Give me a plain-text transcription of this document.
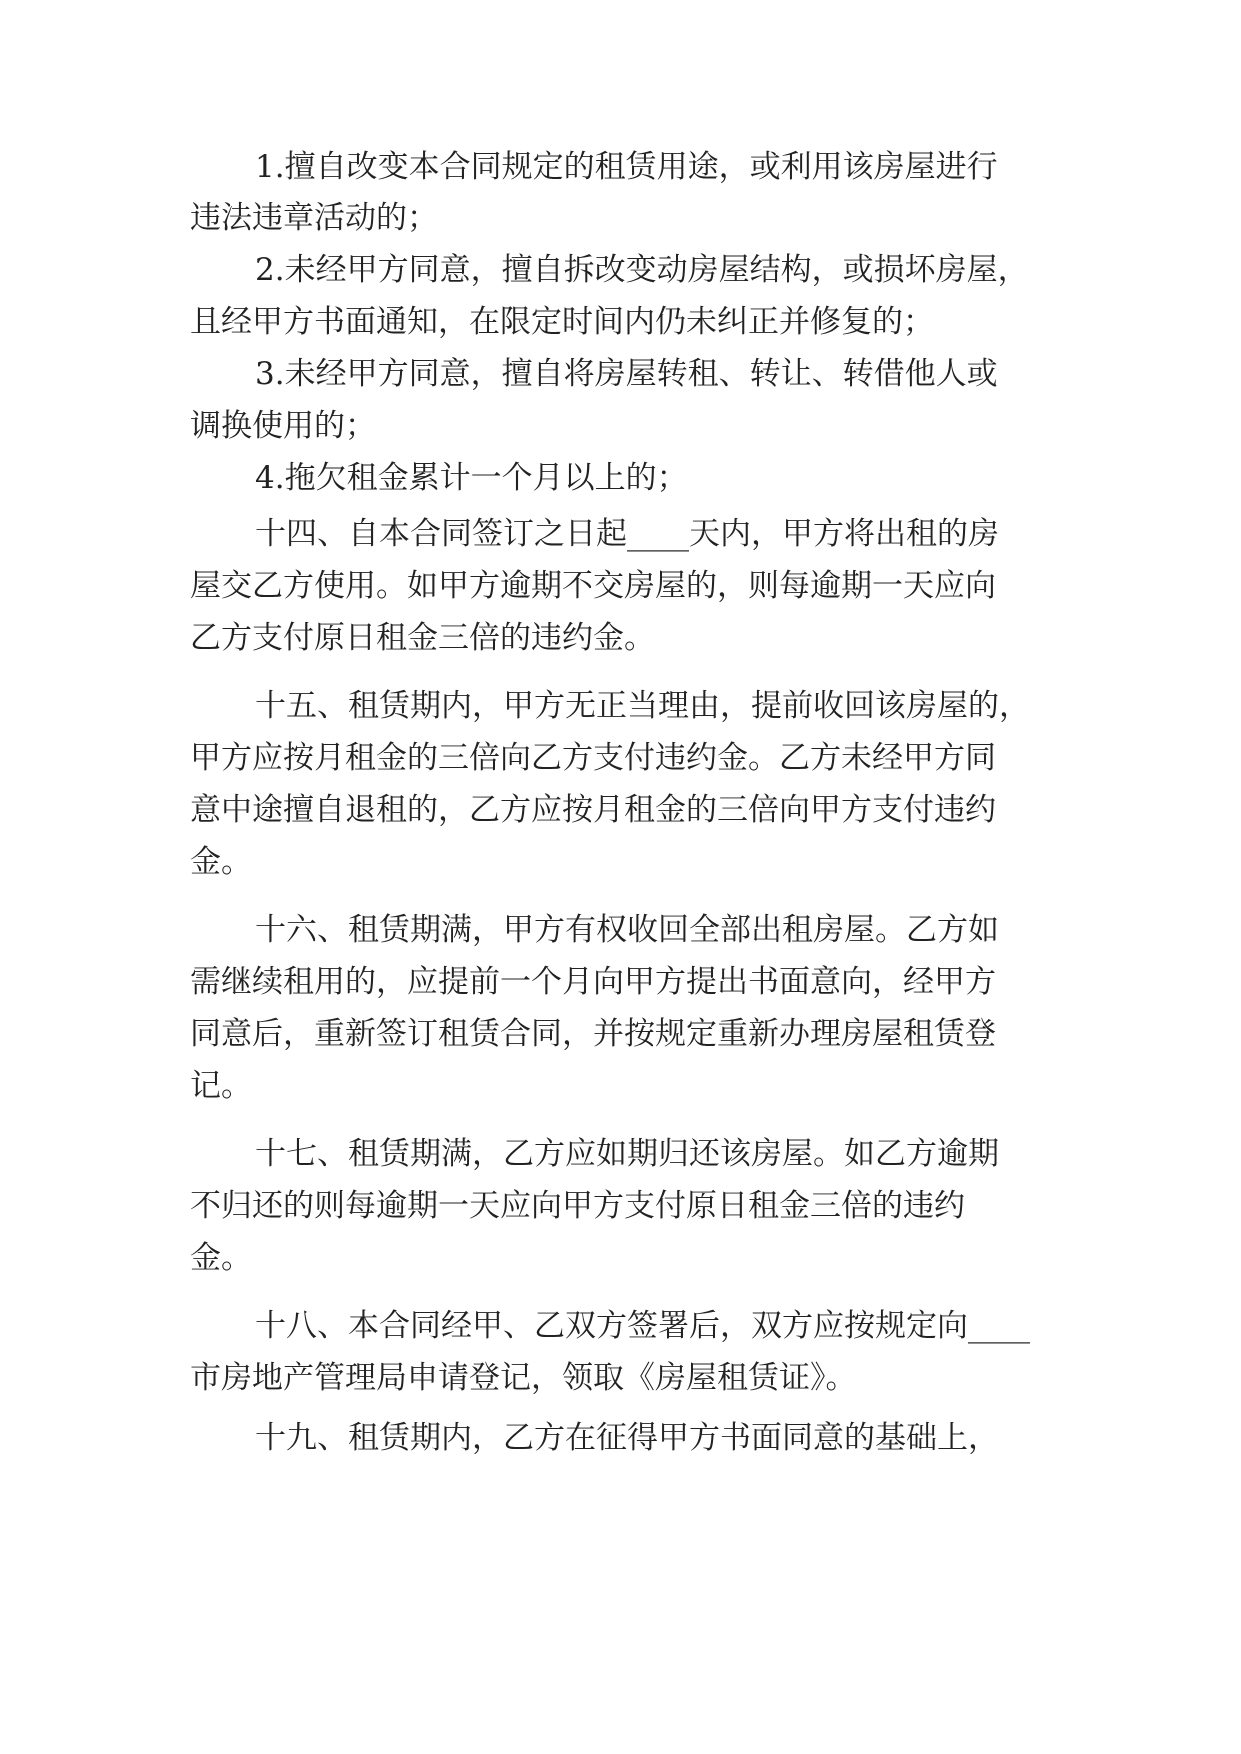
1.擅自改变本合同规定的租赁用途，或利用该房屋进行
违法违章活动的；
2.未经甲方同意，擅自拆改变动房屋结构，或损坏房屋，
且经甲方书面通知，在限定时间内仍未纠正并修复的；
3.未经甲方同意，擅自将房屋转租、转让、转借他人或
调换使用的；
4.拖欠租金累计一个月以上的；
十四、自本合同签订之日起____天内，甲方将出租的房
屋交乙方使用。如甲方逾期不交房屋的，则每逾期一天应向
乙方支付原日租金三倍的违约金。
十五、租赁期内，甲方无正当理由，提前收回该房屋的，
甲方应按月租金的三倍向乙方支付违约金。乙方未经甲方同
意中途擅自退租的，乙方应按月租金的三倍向甲方支付违约
金。
十六、租赁期满，甲方有权收回全部出租房屋。乙方如
需继续租用的，应提前一个月向甲方提出书面意向，经甲方
同意后，重新签订租赁合同，并按规定重新办理房屋租赁登
记。
十七、租赁期满，乙方应如期归还该房屋。如乙方逾期
不归还的则每逾期一天应向甲方支付原日租金三倍的违约
金。
十八、本合同经甲、乙双方签署后，双方应按规定向____
市房地产管理局申请登记，领取《房屋租赁证》。
十九、租赁期内，乙方在征得甲方书面同意的基础上，
